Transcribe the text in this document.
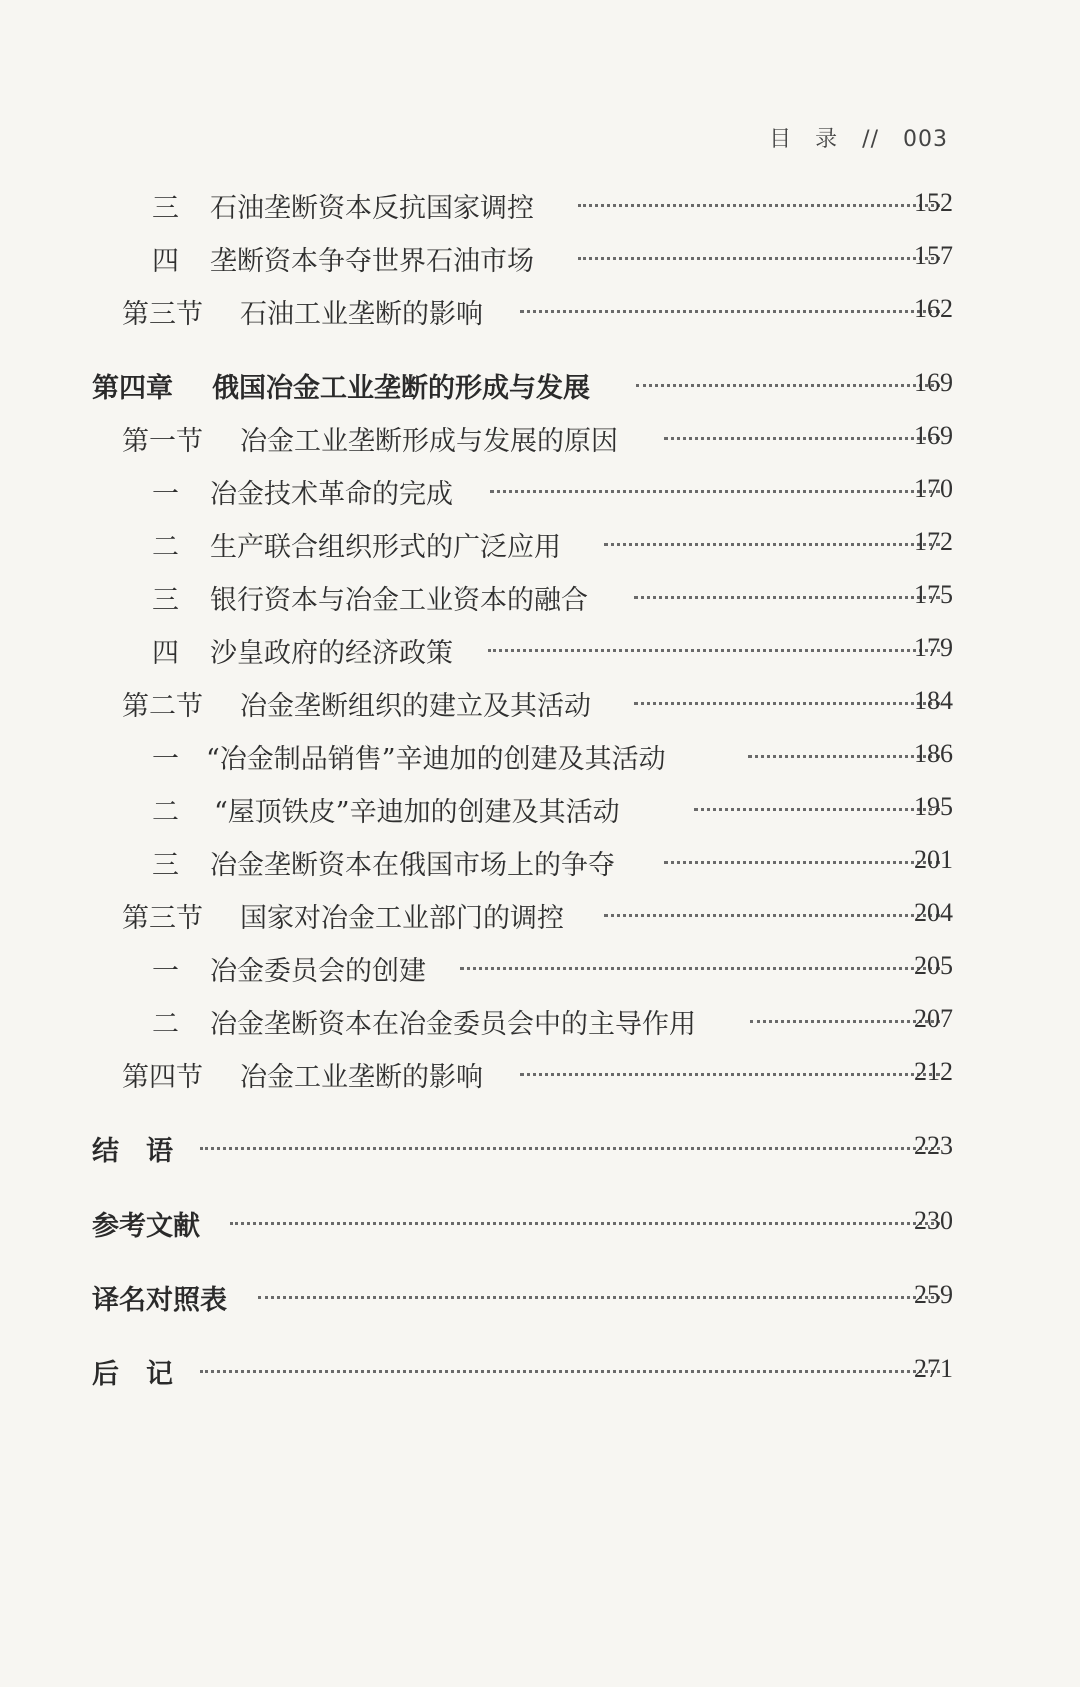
目　录 // 003
三 石油垄断资本反抗国家调控	152
四 垄断资本争夺世界石油市场	157
第三节 石油工业垄断的影响	162
第四章 俄国冶金工业垄断的形成与发展	169
第一节 冶金工业垄断形成与发展的原因	169
一 冶金技术革命的完成	170
二 生产联合组织形式的广泛应用	172
三 银行资本与冶金工业资本的融合	175
四 沙皇政府的经济政策	179
第二节 冶金垄断组织的建立及其活动	184
一 “冶金制品销售”辛迪加的创建及其活动	186
二 “屋顶铁皮”辛迪加的创建及其活动	195
三 冶金垄断资本在俄国市场上的争夺	201
第三节 国家对冶金工业部门的调控	204
一 冶金委员会的创建	205
二 冶金垄断资本在冶金委员会中的主导作用	207
第四节 冶金工业垄断的影响	212
结　语	223
参考文献	230
译名对照表	259
后　记	271
